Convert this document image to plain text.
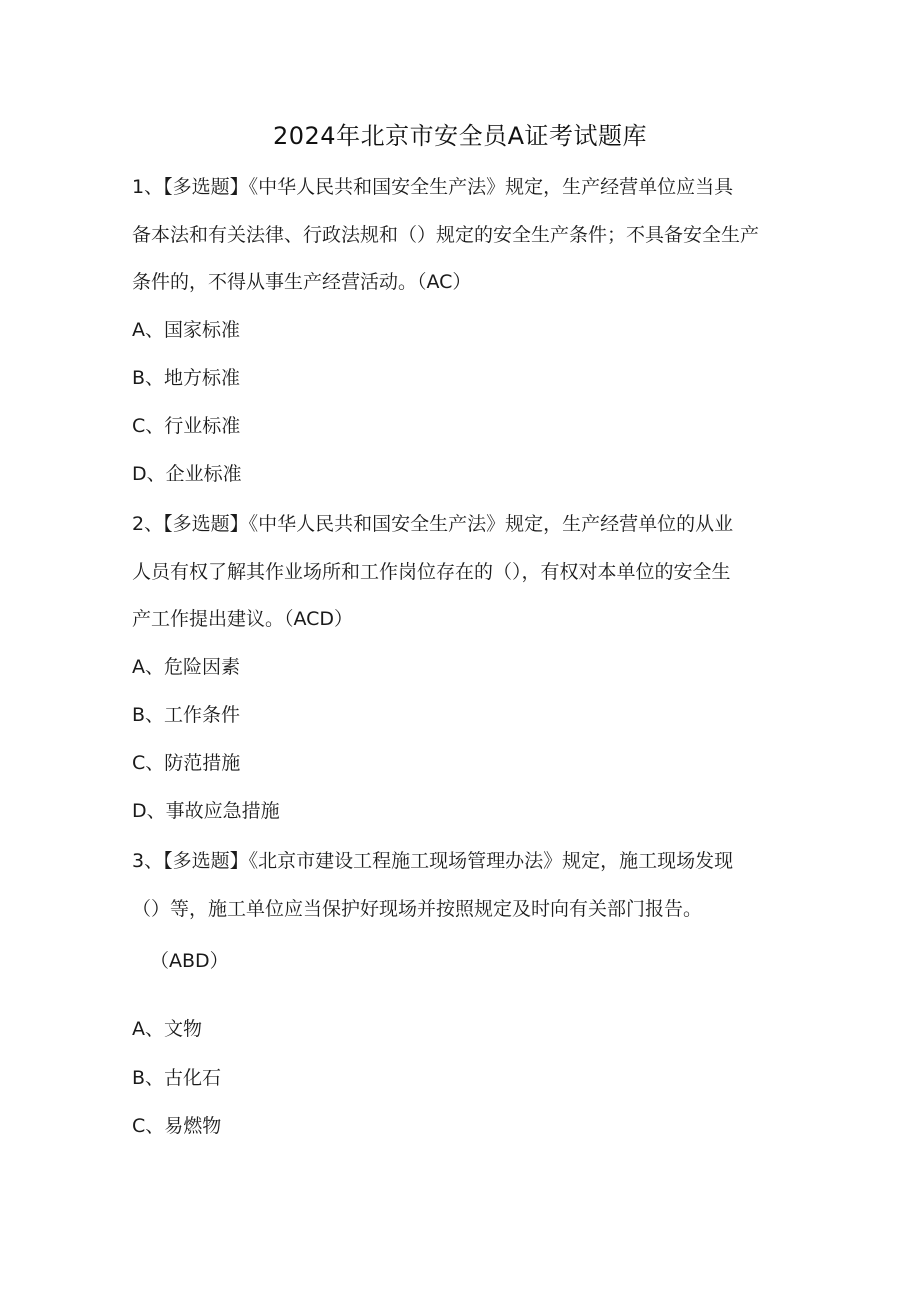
2024年北京市安全员A证考试题库
1、【多选题】《中华人民共和国安全生产法》规定，生产经营单位应当具
备本法和有关法律、行政法规和（）规定的安全生产条件；不具备安全生产
条件的，不得从事生产经营活动。（AC）
A、国家标准
B、地方标准
C、行业标准
D、企业标准
2、【多选题】《中华人民共和国安全生产法》规定，生产经营单位的从业
人员有权了解其作业场所和工作岗位存在的（），有权对本单位的安全生
产工作提出建议。（ACD）
A、危险因素
B、工作条件
C、防范措施
D、事故应急措施
3、【多选题】《北京市建设工程施工现场管理办法》规定，施工现场发现
（）等，施工单位应当保护好现场并按照规定及时向有关部门报告。
（ABD）
A、文物
B、古化石
C、易燃物
